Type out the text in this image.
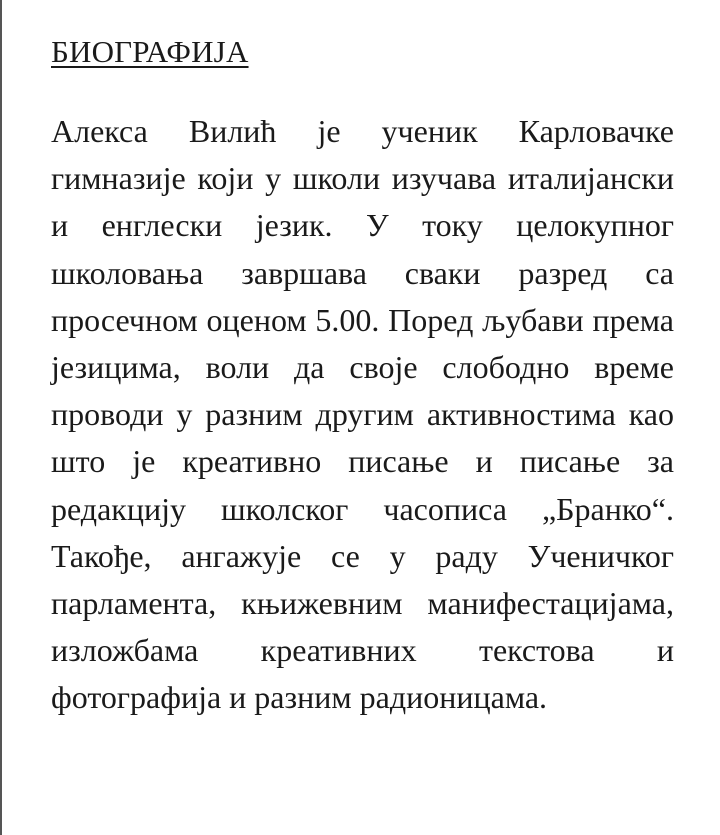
БИОГРАФИЈА

Алекса Вилић је ученик Карловачке гимназије који у школи изучава италијански и енглески језик. У току целокупног школовања завршава сваки разред са просечном оценом 5.00. Поред љубави према језицима, воли да своје слободно време проводи у разним другим активностима као што је креативно писање и писање за редакцију школског часописа „Бранко“. Такође, ангажује се у раду Ученичког парламента, књижевним манифестацијама, изложбама креативних текстова и фотографија и разним радионицама.
